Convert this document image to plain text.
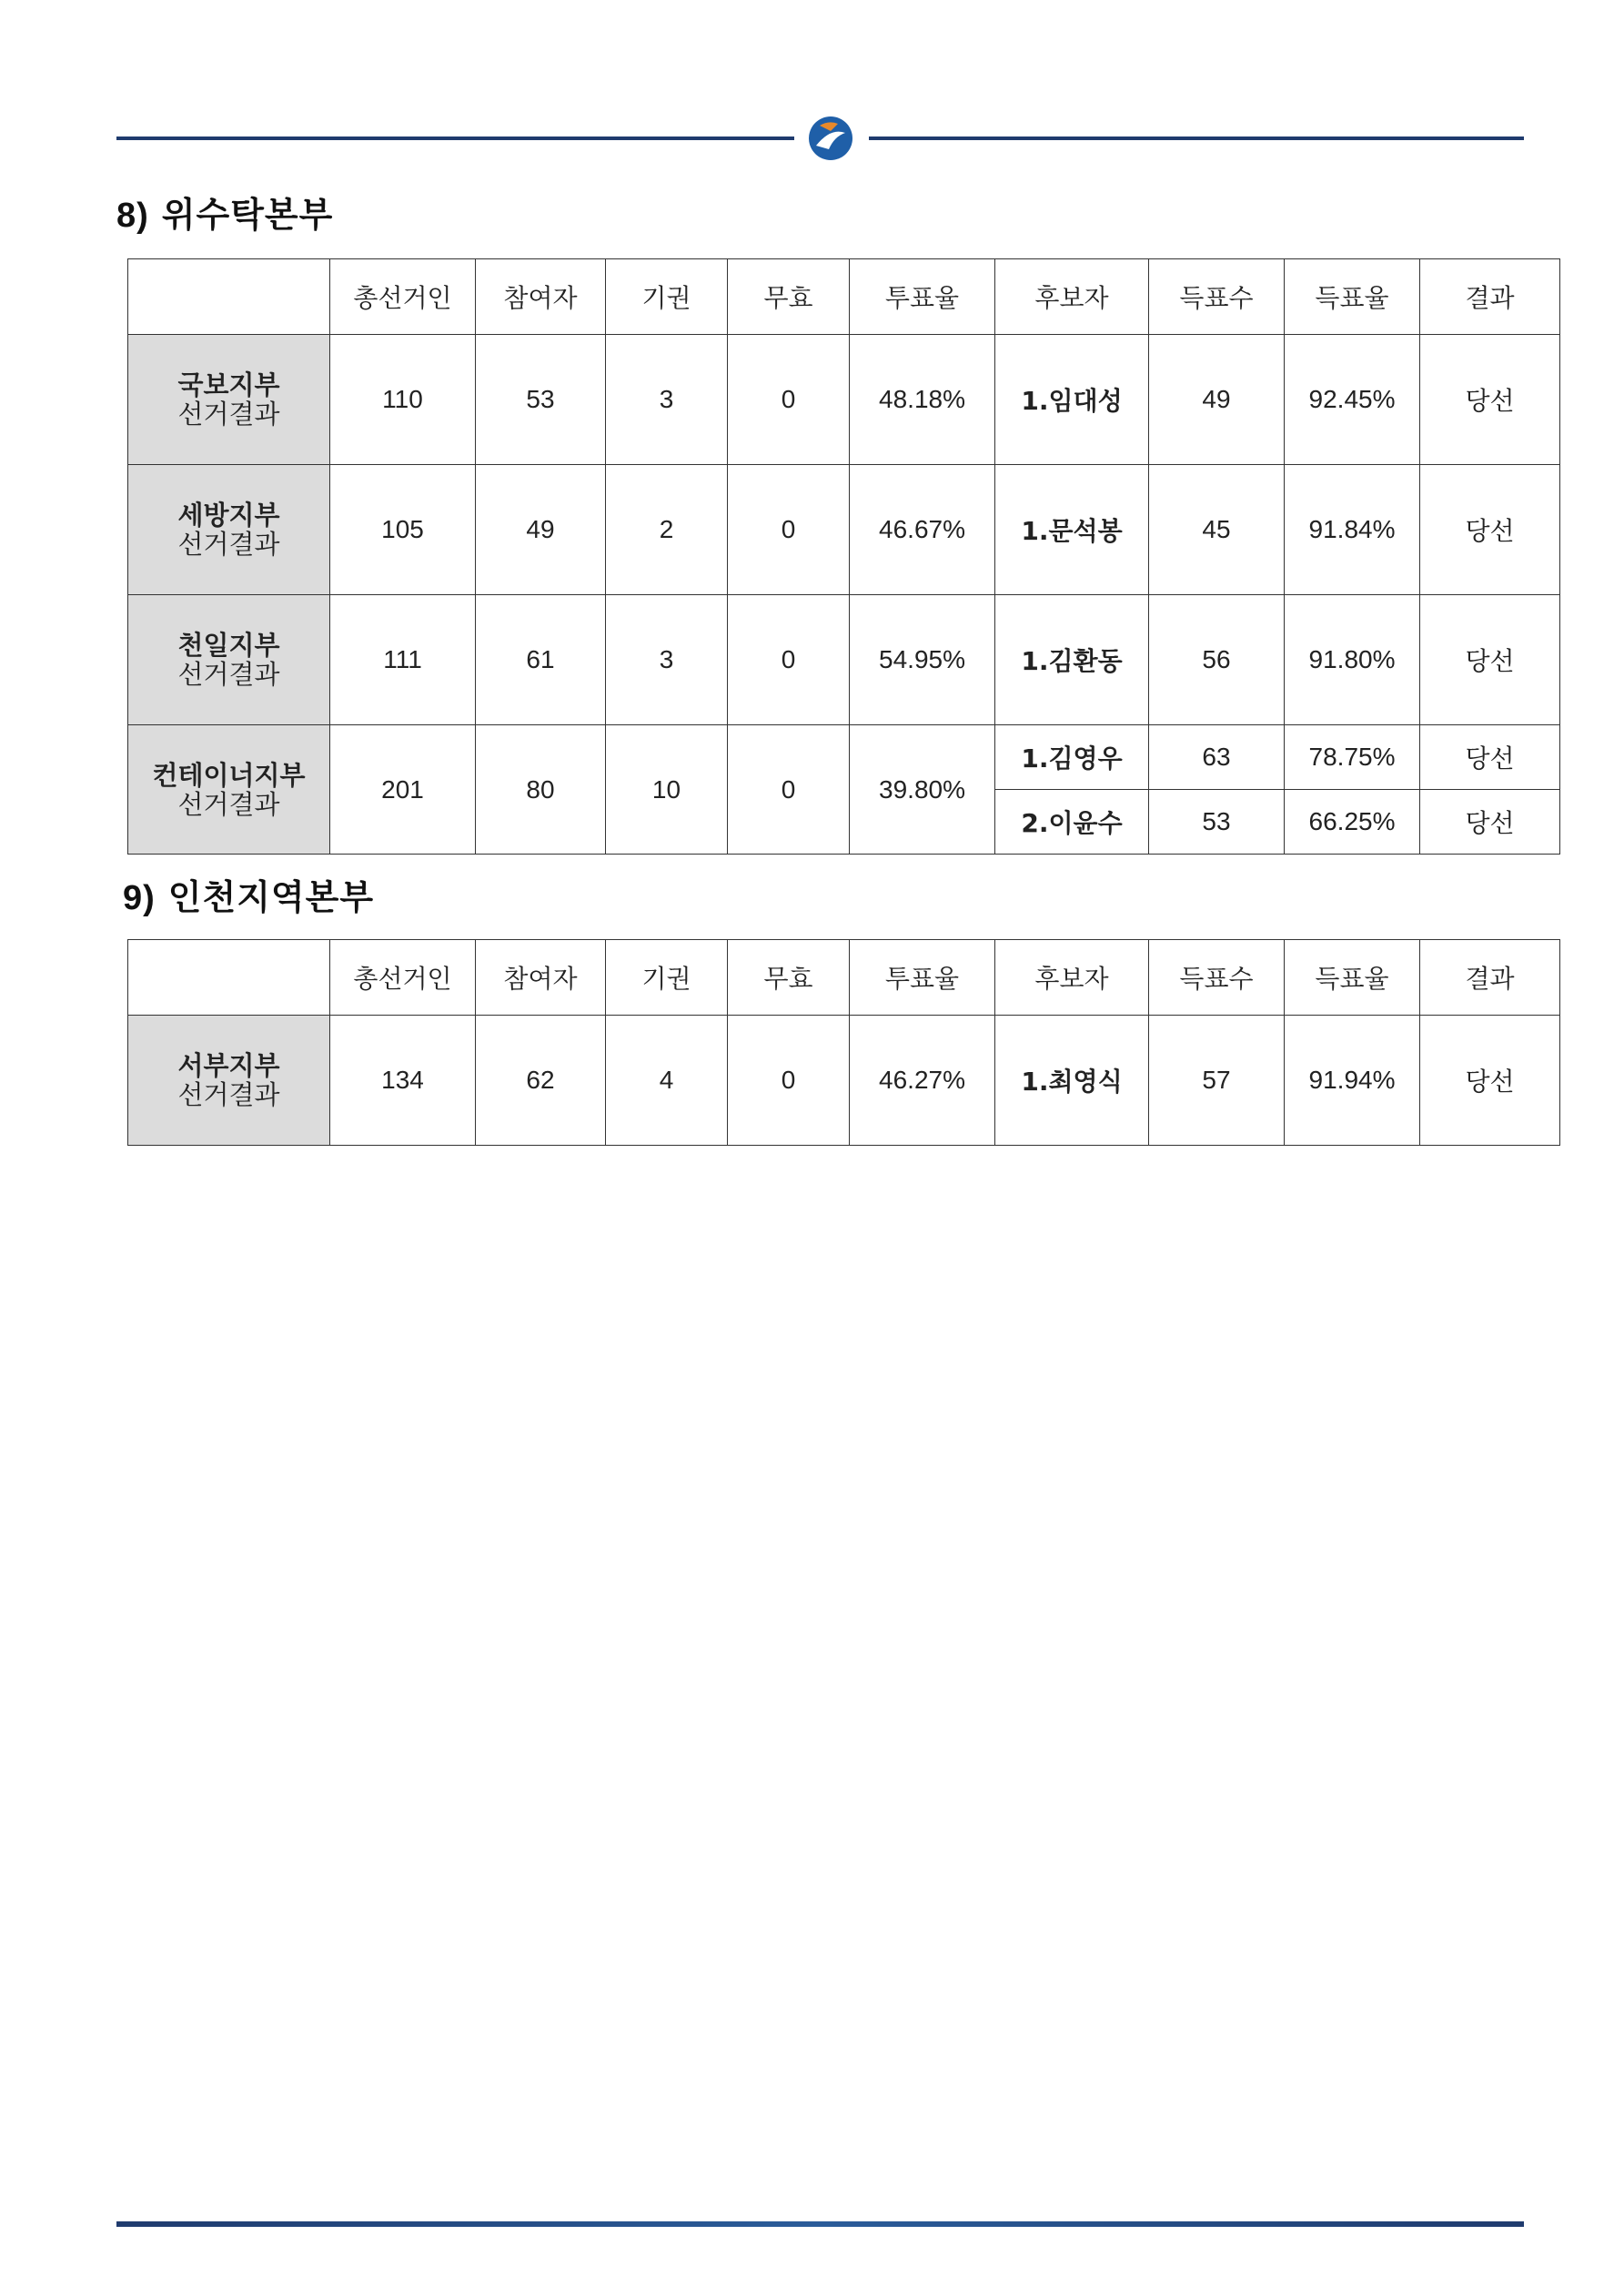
8) 위수탁본부
	총선거인	참여자	기권	무효	투표율	후보자	득표수	득표율	결과

국보지부
선거결과	110	53	3	0	48.18%	1.임대성	49	92.45%	당선

세방지부
선거결과	105	49	2	0	46.67%	1.문석봉	45	91.84%	당선

천일지부
선거결과	111	61	3	0	54.95%	1.김환동	56	91.80%	당선

컨테이너지부
선거결과	201	80	10	0	39.80%	1.김영우	63	78.75%	당선
						2.이윤수	53	66.25%	당선
9) 인천지역본부
	총선거인	참여자	기권	무효	투표율	후보자	득표수	득표율	결과

서부지부
선거결과	134	62	4	0	46.27%	1.최영식	57	91.94%	당선
